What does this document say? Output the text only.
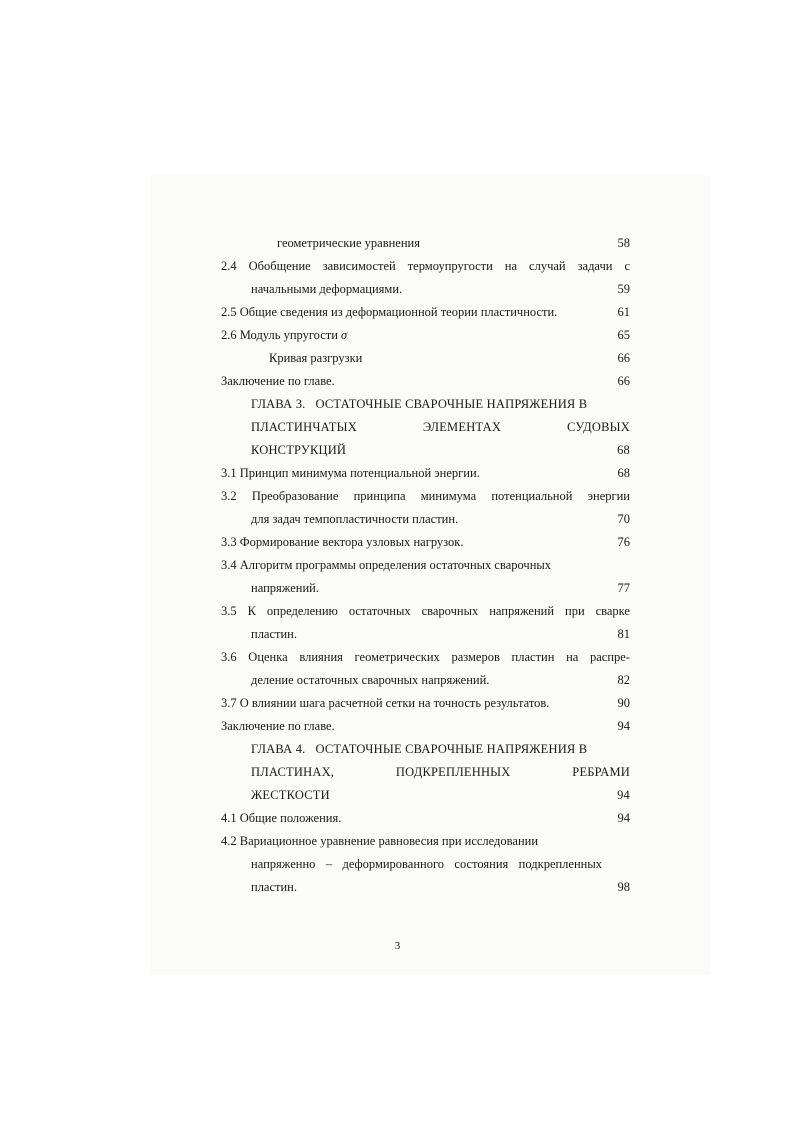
геометрические уравнения	58
2.4 Обобщение зависимостей термоупругости на случай задачи с
начальными деформациями.	59
2.5 Общие сведения из деформационной теории пластичности.	61
2.6 Модуль упругости σ	65
Кривая разгрузки	66
Заключение по главе.	66
ГЛАВА 3.   ОСТАТОЧНЫЕ СВАРОЧНЫЕ НАПРЯЖЕНИЯ В
ПЛАСТИНЧАТЫХ ЭЛЕМЕНТАХ СУДОВЫХ
КОНСТРУКЦИЙ	68
3.1 Принцип минимума потенциальной энергии.	68
3.2 Преобразование принципа минимума потенциальной энергии
для задач темпопластичности пластин.	70
3.3 Формирование вектора узловых нагрузок.	76
3.4 Алгоритм программы определения остаточных сварочных
напряжений.	77
3.5 К определению остаточных сварочных напряжений при сварке
пластин.	81
3.6 Оценка влияния геометрических размеров пластин на распре-
деление остаточных сварочных напряжений.	82
3.7 О влиянии шага расчетной сетки на точность результатов.	90
Заключение по главе.	94
ГЛАВА 4.   ОСТАТОЧНЫЕ СВАРОЧНЫЕ НАПРЯЖЕНИЯ В
ПЛАСТИНАХ, ПОДКРЕПЛЕННЫХ РЕБРАМИ
ЖЕСТКОСТИ	94
4.1 Общие положения.	94
4.2 Вариационное уравнение равновесия при исследовании
напряженно – деформированного состояния подкрепленных
пластин.	98
3
